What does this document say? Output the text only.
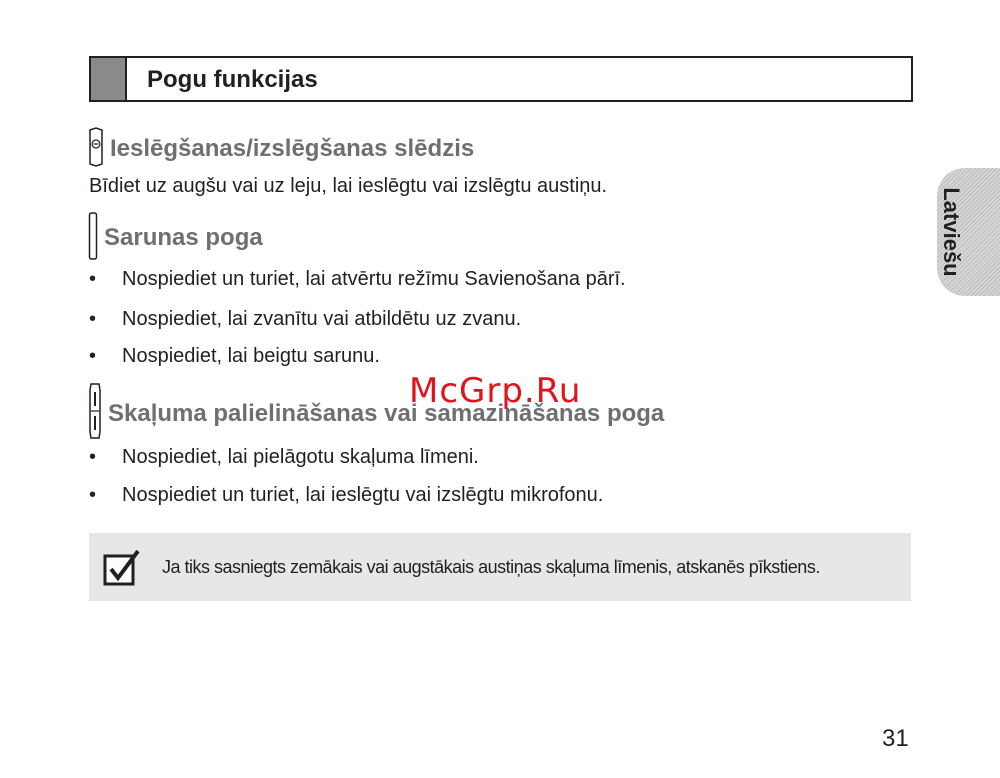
Pogu funkcijas
Ieslēgšanas/izslēgšanas slēdzis
Bīdiet uz augšu vai uz leju, lai ieslēgtu vai izslēgtu austiņu.
Sarunas poga
• Nospiediet un turiet, lai atvērtu režīmu Savienošana pārī.
• Nospiediet, lai zvanītu vai atbildētu uz zvanu.
• Nospiediet, lai beigtu sarunu.
Skaļuma palielināšanas vai samazināšanas poga
• Nospiediet, lai pielāgotu skaļuma līmeni.
• Nospiediet un turiet, lai ieslēgtu vai izslēgtu mikrofonu.
Ja tiks sasniegts zemākais vai augstākais austiņas skaļuma līmenis, atskanēs pīkstiens.
Latviešu
McGrp.Ru
31
